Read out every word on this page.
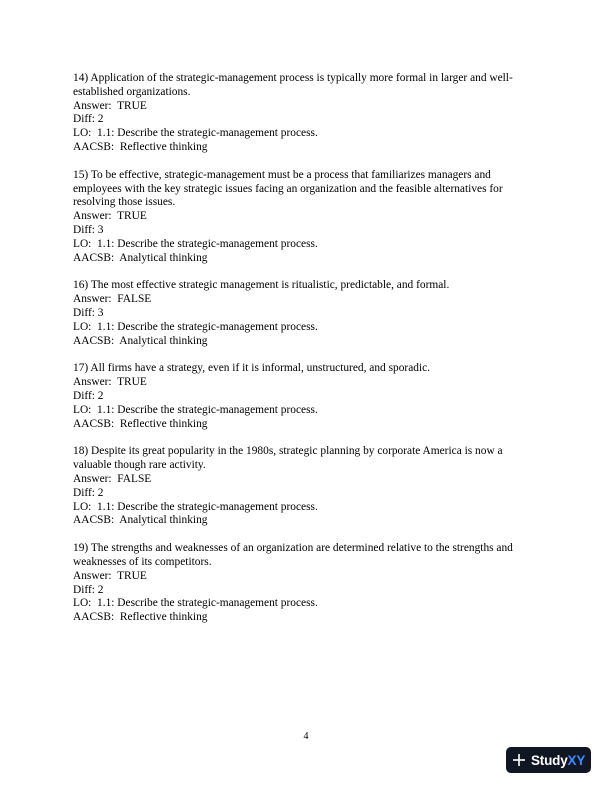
14) Application of the strategic-management process is typically more formal in larger and well-
established organizations.
Answer:  TRUE
Diff: 2
LO:  1.1: Describe the strategic-management process.
AACSB:  Reflective thinking
15) To be effective, strategic-management must be a process that familiarizes managers and
employees with the key strategic issues facing an organization and the feasible alternatives for
resolving those issues.
Answer:  TRUE
Diff: 3
LO:  1.1: Describe the strategic-management process.
AACSB:  Analytical thinking
16) The most effective strategic management is ritualistic, predictable, and formal.
Answer:  FALSE
Diff: 3
LO:  1.1: Describe the strategic-management process.
AACSB:  Analytical thinking
17) All firms have a strategy, even if it is informal, unstructured, and sporadic.
Answer:  TRUE
Diff: 2
LO:  1.1: Describe the strategic-management process.
AACSB:  Reflective thinking
18) Despite its great popularity in the 1980s, strategic planning by corporate America is now a
valuable though rare activity.
Answer:  FALSE
Diff: 2
LO:  1.1: Describe the strategic-management process.
AACSB:  Analytical thinking
19) The strengths and weaknesses of an organization are determined relative to the strengths and
weaknesses of its competitors.
Answer:  TRUE
Diff: 2
LO:  1.1: Describe the strategic-management process.
AACSB:  Reflective thinking
4
StudyXY
